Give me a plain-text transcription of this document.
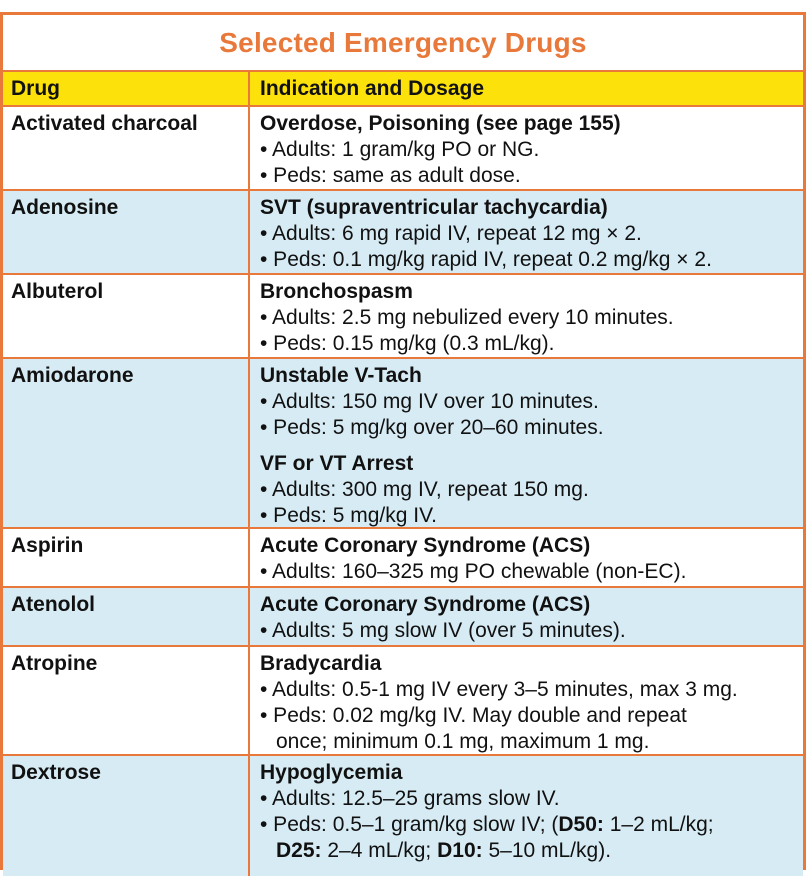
Selected Emergency Drugs
Drug	Indication and Dosage
Activated charcoal	Overdose, Poisoning (see page 155)
• Adults: 1 gram/kg PO or NG.
• Peds: same as adult dose.
Adenosine	SVT (supraventricular tachycardia)
• Adults: 6 mg rapid IV, repeat 12 mg × 2.
• Peds: 0.1 mg/kg rapid IV, repeat 0.2 mg/kg × 2.
Albuterol	Bronchospasm
• Adults: 2.5 mg nebulized every 10 minutes.
• Peds: 0.15 mg/kg (0.3 mL/kg).
Amiodarone	Unstable V-Tach
• Adults: 150 mg IV over 10 minutes.
• Peds: 5 mg/kg over 20–60 minutes.
VF or VT Arrest
• Adults: 300 mg IV, repeat 150 mg.
• Peds: 5 mg/kg IV.
Aspirin	Acute Coronary Syndrome (ACS)
• Adults: 160–325 mg PO chewable (non-EC).
Atenolol	Acute Coronary Syndrome (ACS)
• Adults: 5 mg slow IV (over 5 minutes).
Atropine	Bradycardia
• Adults: 0.5-1 mg IV every 3–5 minutes, max 3 mg.
• Peds: 0.02 mg/kg IV. May double and repeat
once; minimum 0.1 mg, maximum 1 mg.
Dextrose	Hypoglycemia
• Adults: 12.5–25 grams slow IV.
• Peds: 0.5–1 gram/kg slow IV; (D50: 1–2 mL/kg;
D25: 2–4 mL/kg; D10: 5–10 mL/kg).
